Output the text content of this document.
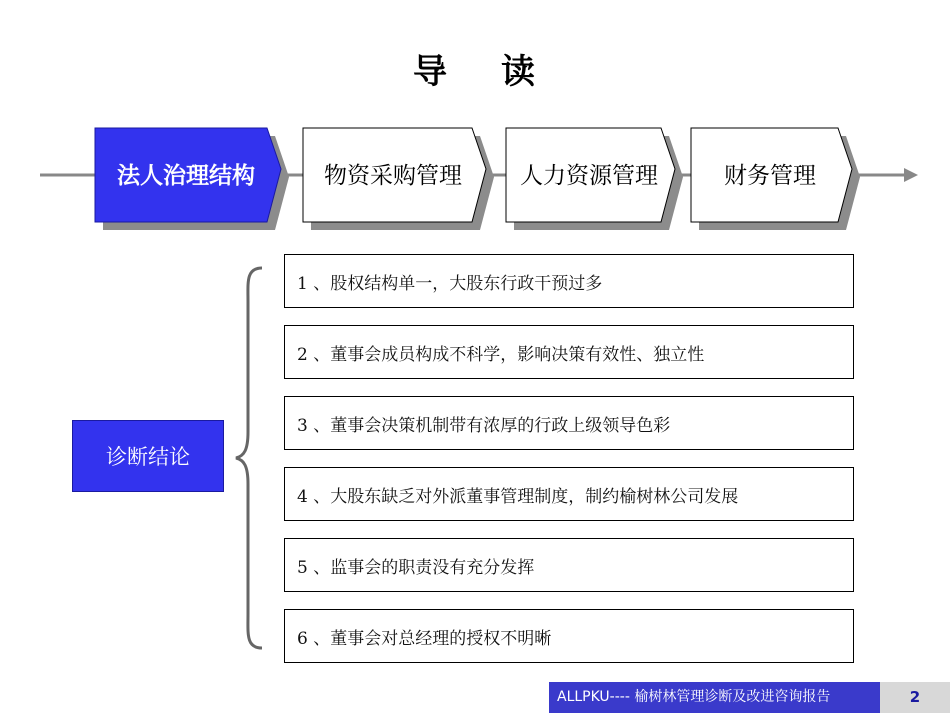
导 读
法人治理结构	物资采购管理	人力资源管理	财务管理
诊断结论
1 、股权结构单一，大股东行政干预过多
2 、董事会成员构成不科学，影响决策有效性、独立性
3 、董事会决策机制带有浓厚的行政上级领导色彩
4 、大股东缺乏对外派董事管理制度，制约榆树林公司发展
5 、监事会的职责没有充分发挥
6 、董事会对总经理的授权不明晰
ALLPKU---- 榆树林管理诊断及改进咨询报告	2
